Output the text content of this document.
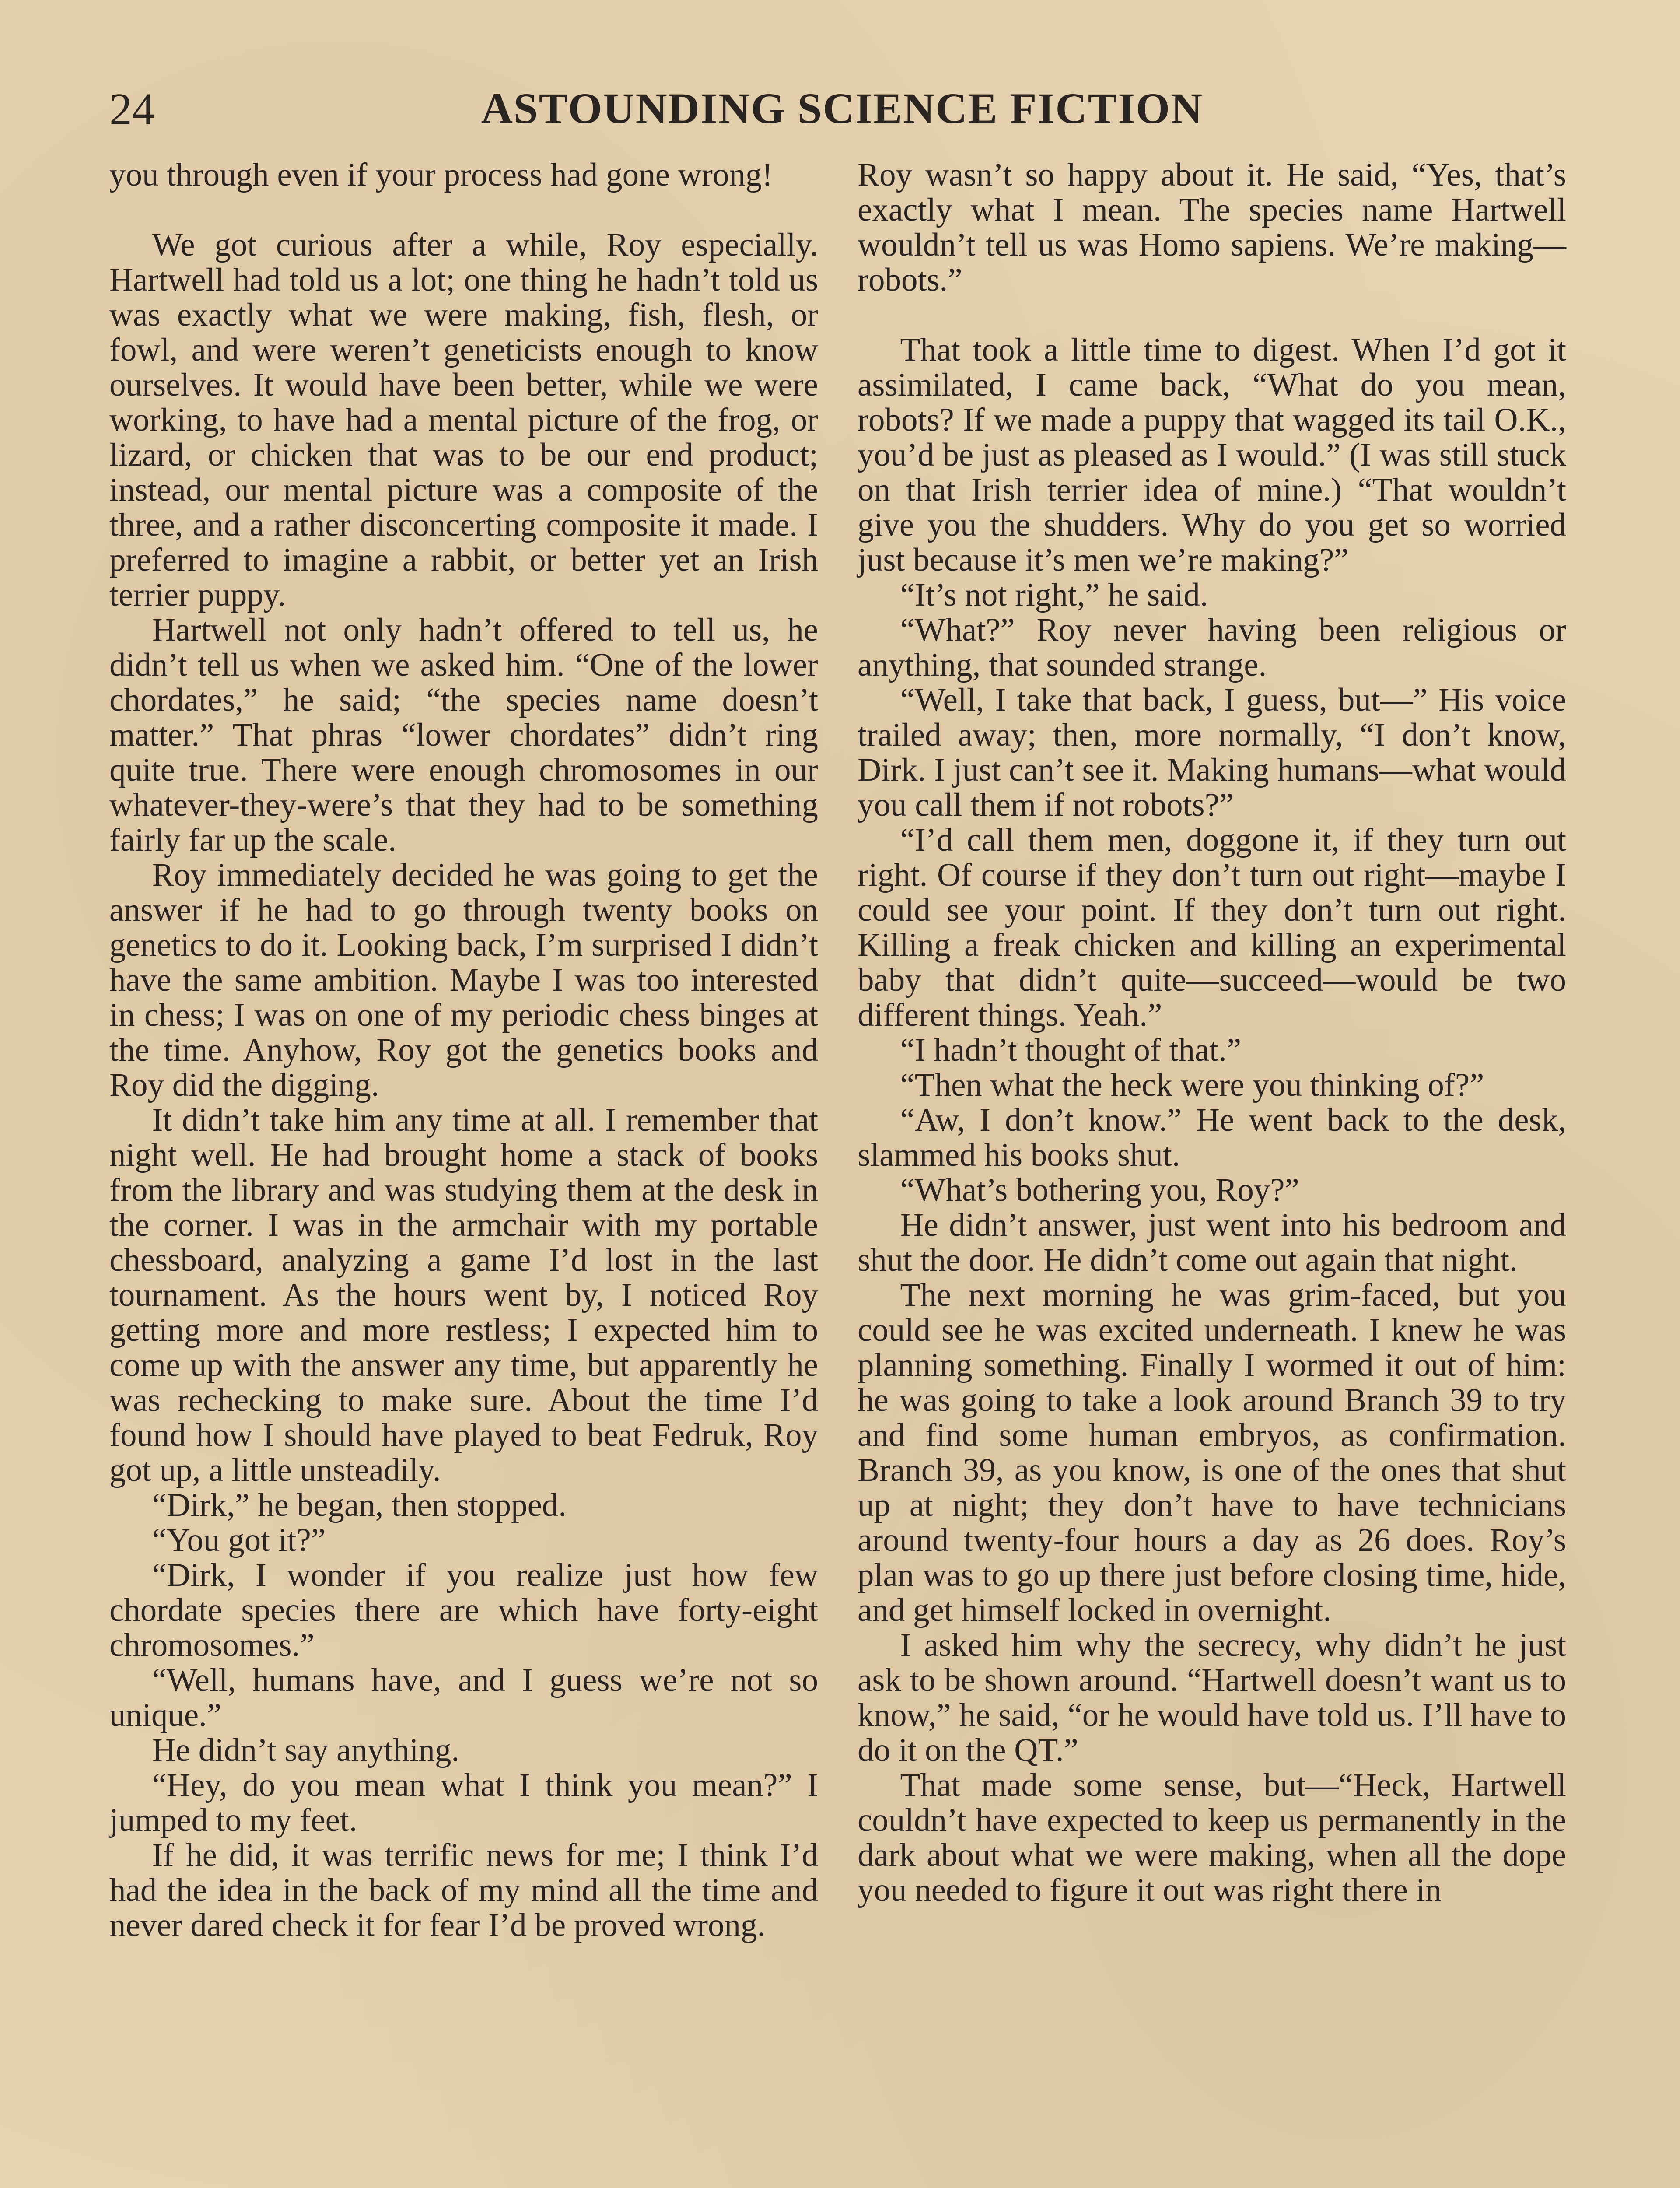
24	ASTOUNDING SCIENCE FICTION

you through even if your process had gone wrong!

We got curious after a while, Roy especially. Hartwell had told us a lot; one thing he hadn’t told us was exactly what we were making, fish, flesh, or fowl, and were weren’t geneticists enough to know ourselves. It would have been better, while we were working, to have had a mental picture of the frog, or lizard, or chicken that was to be our end product; instead, our mental picture was a composite of the three, and a rather disconcerting composite it made. I preferred to imagine a rabbit, or better yet an Irish terrier puppy.

Hartwell not only hadn’t offered to tell us, he didn’t tell us when we asked him. “One of the lower chordates,” he said; “the species name doesn’t matter.” That phras “lower chordates” didn’t ring quite true. There were enough chromosomes in our whatever-they-were’s that they had to be something fairly far up the scale.

Roy immediately decided he was going to get the answer if he had to go through twenty books on genetics to do it. Looking back, I’m surprised I didn’t have the same ambition. Maybe I was too interested in chess; I was on one of my periodic chess binges at the time. Anyhow, Roy got the genetics books and Roy did the digging.

It didn’t take him any time at all. I remember that night well. He had brought home a stack of books from the library and was studying them at the desk in the corner. I was in the armchair with my portable chessboard, analyzing a game I’d lost in the last tournament. As the hours went by, I noticed Roy getting more and more restless; I expected him to come up with the answer any time, but apparently he was rechecking to make sure. About the time I’d found how I should have played to beat Fedruk, Roy got up, a little unsteadily.

“Dirk,” he began, then stopped.

“You got it?”

“Dirk, I wonder if you realize just how few chordate species there are which have forty-eight chromosomes.”

“Well, humans have, and I guess we’re not so unique.”

He didn’t say anything.

“Hey, do you mean what I think you mean?” I jumped to my feet.

If he did, it was terrific news for me; I think I’d had the idea in the back of my mind all the time and never dared check it for fear I’d be proved wrong.

Roy wasn’t so happy about it. He said, “Yes, that’s exactly what I mean. The species name Hartwell wouldn’t tell us was Homo sapiens. We’re making—robots.”

That took a little time to digest. When I’d got it assimilated, I came back, “What do you mean, robots? If we made a puppy that wagged its tail O.K., you’d be just as pleased as I would.” (I was still stuck on that Irish terrier idea of mine.) “That wouldn’t give you the shudders. Why do you get so worried just because it’s men we’re making?”

“It’s not right,” he said.

“What?” Roy never having been religious or anything, that sounded strange.

“Well, I take that back, I guess, but—” His voice trailed away; then, more normally, “I don’t know, Dirk. I just can’t see it. Making humans—what would you call them if not robots?”

“I’d call them men, doggone it, if they turn out right. Of course if they don’t turn out right—maybe I could see your point. If they don’t turn out right. Killing a freak chicken and killing an experimental baby that didn’t quite—succeed—would be two different things. Yeah.”

“I hadn’t thought of that.”

“Then what the heck were you thinking of?”

“Aw, I don’t know.” He went back to the desk, slammed his books shut.

“What’s bothering you, Roy?”

He didn’t answer, just went into his bedroom and shut the door. He didn’t come out again that night.

The next morning he was grim-faced, but you could see he was excited underneath. I knew he was planning something. Finally I wormed it out of him: he was going to take a look around Branch 39 to try and find some human embryos, as confirmation. Branch 39, as you know, is one of the ones that shut up at night; they don’t have to have technicians around twenty-four hours a day as 26 does. Roy’s plan was to go up there just before closing time, hide, and get himself locked in overnight.

I asked him why the secrecy, why didn’t he just ask to be shown around. “Hartwell doesn’t want us to know,” he said, “or he would have told us. I’ll have to do it on the QT.”

That made some sense, but—“Heck, Hartwell couldn’t have expected to keep us permanently in the dark about what we were making, when all the dope you needed to figure it out was right there in
